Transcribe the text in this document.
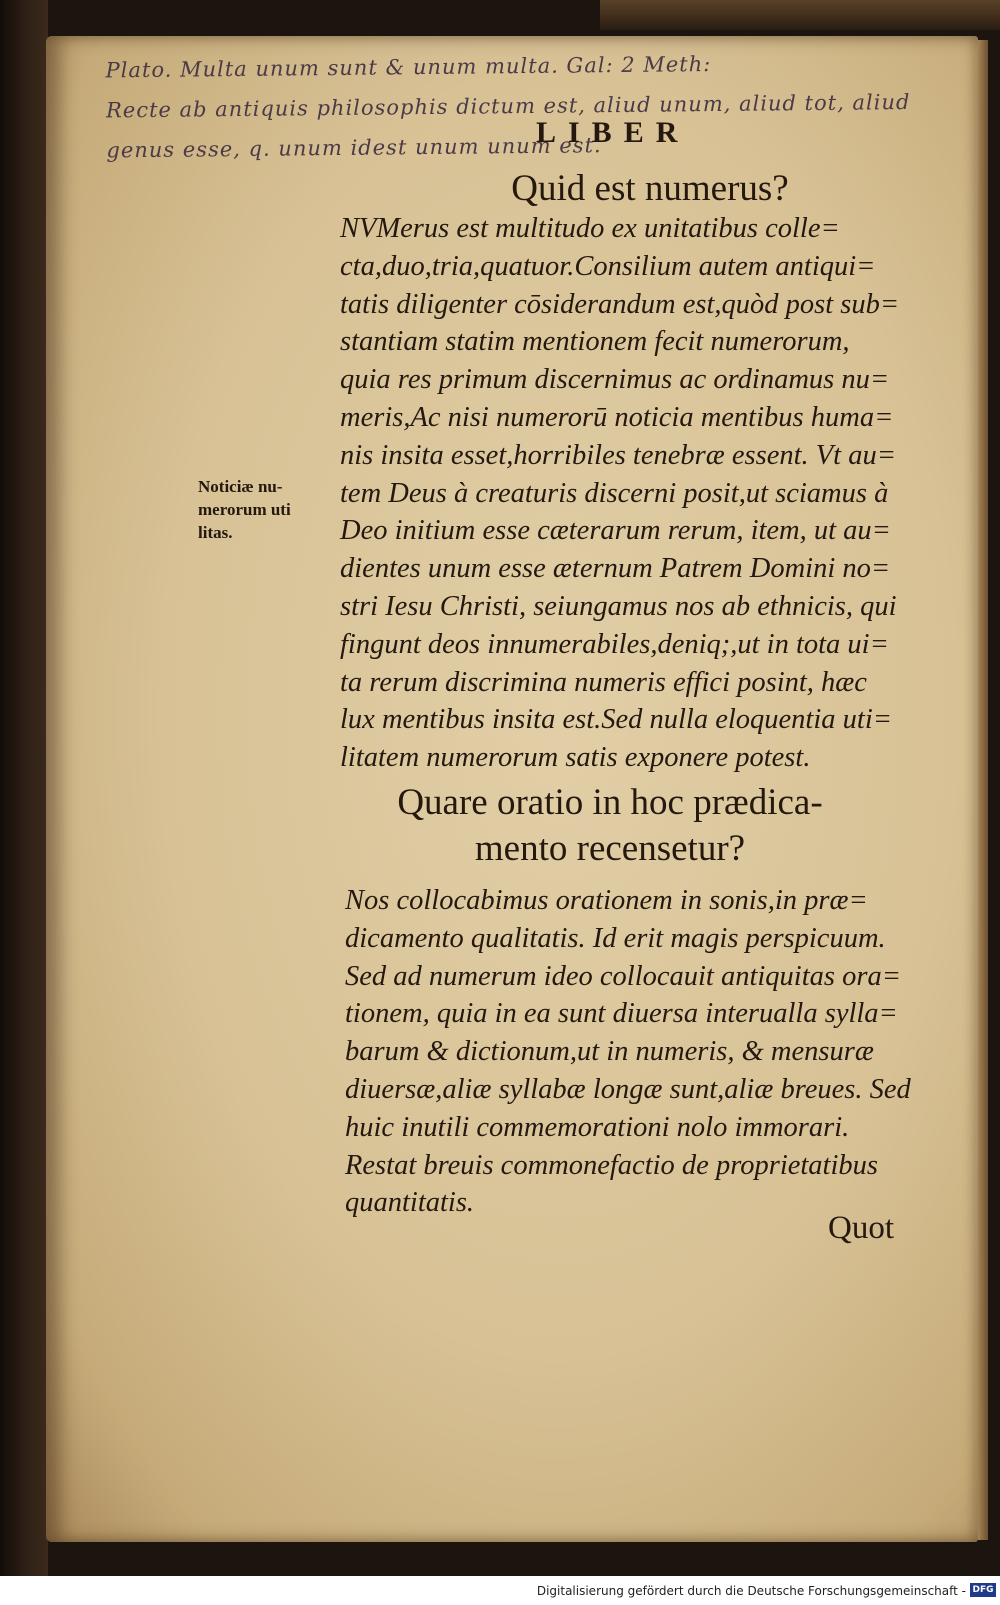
Plato. Multa unum sunt & unum multa. Gal: 2 Meth:
Recte ab antiquis philosophis dictum est, aliud unum, aliud tot, aliud
genus esse, q. unum idest unum unum est.
LIBER
Quid est numerus?
NVMerus est multitudo ex unitatibus colle=
cta,duo,tria,quatuor.Consilium autem antiqui=
tatis diligenter cōsiderandum est,quòd post sub=
stantiam statim mentionem fecit numerorum,
quia res primum discernimus ac ordinamus nu=
meris,Ac nisi numerorū noticia mentibus huma=
nis insita esset,horribiles tenebræ essent. Vt au=
tem Deus à creaturis discerni posit,ut sciamus à
Deo initium esse cæterarum rerum, item, ut au=
dientes unum esse æternum Patrem Domini no=
stri Iesu Christi, seiungamus nos ab ethnicis, qui
fingunt deos innumerabiles,deniq;,ut in tota ui=
ta rerum discrimina numeris effici posint, hæc
lux mentibus insita est.Sed nulla eloquentia uti=
litatem numerorum satis exponere potest.
Noticiæ nu-
merorum uti
litas.
Quare oratio in hoc prædica-
mento recensetur?
Nos collocabimus orationem in sonis,in præ=
dicamento qualitatis. Id erit magis perspicuum.
Sed ad numerum ideo collocauit antiquitas ora=
tionem, quia in ea sunt diuersa interualla sylla=
barum & dictionum,ut in numeris, & mensuræ
diuersæ,aliæ syllabæ longæ sunt,aliæ breues. Sed
huic inutili commemorationi nolo immorari.
Restat breuis commonefactio de proprietatibus
quantitatis.
Quot
Digitalisierung gefördert durch die Deutsche Forschungsgemeinschaft - DFG
